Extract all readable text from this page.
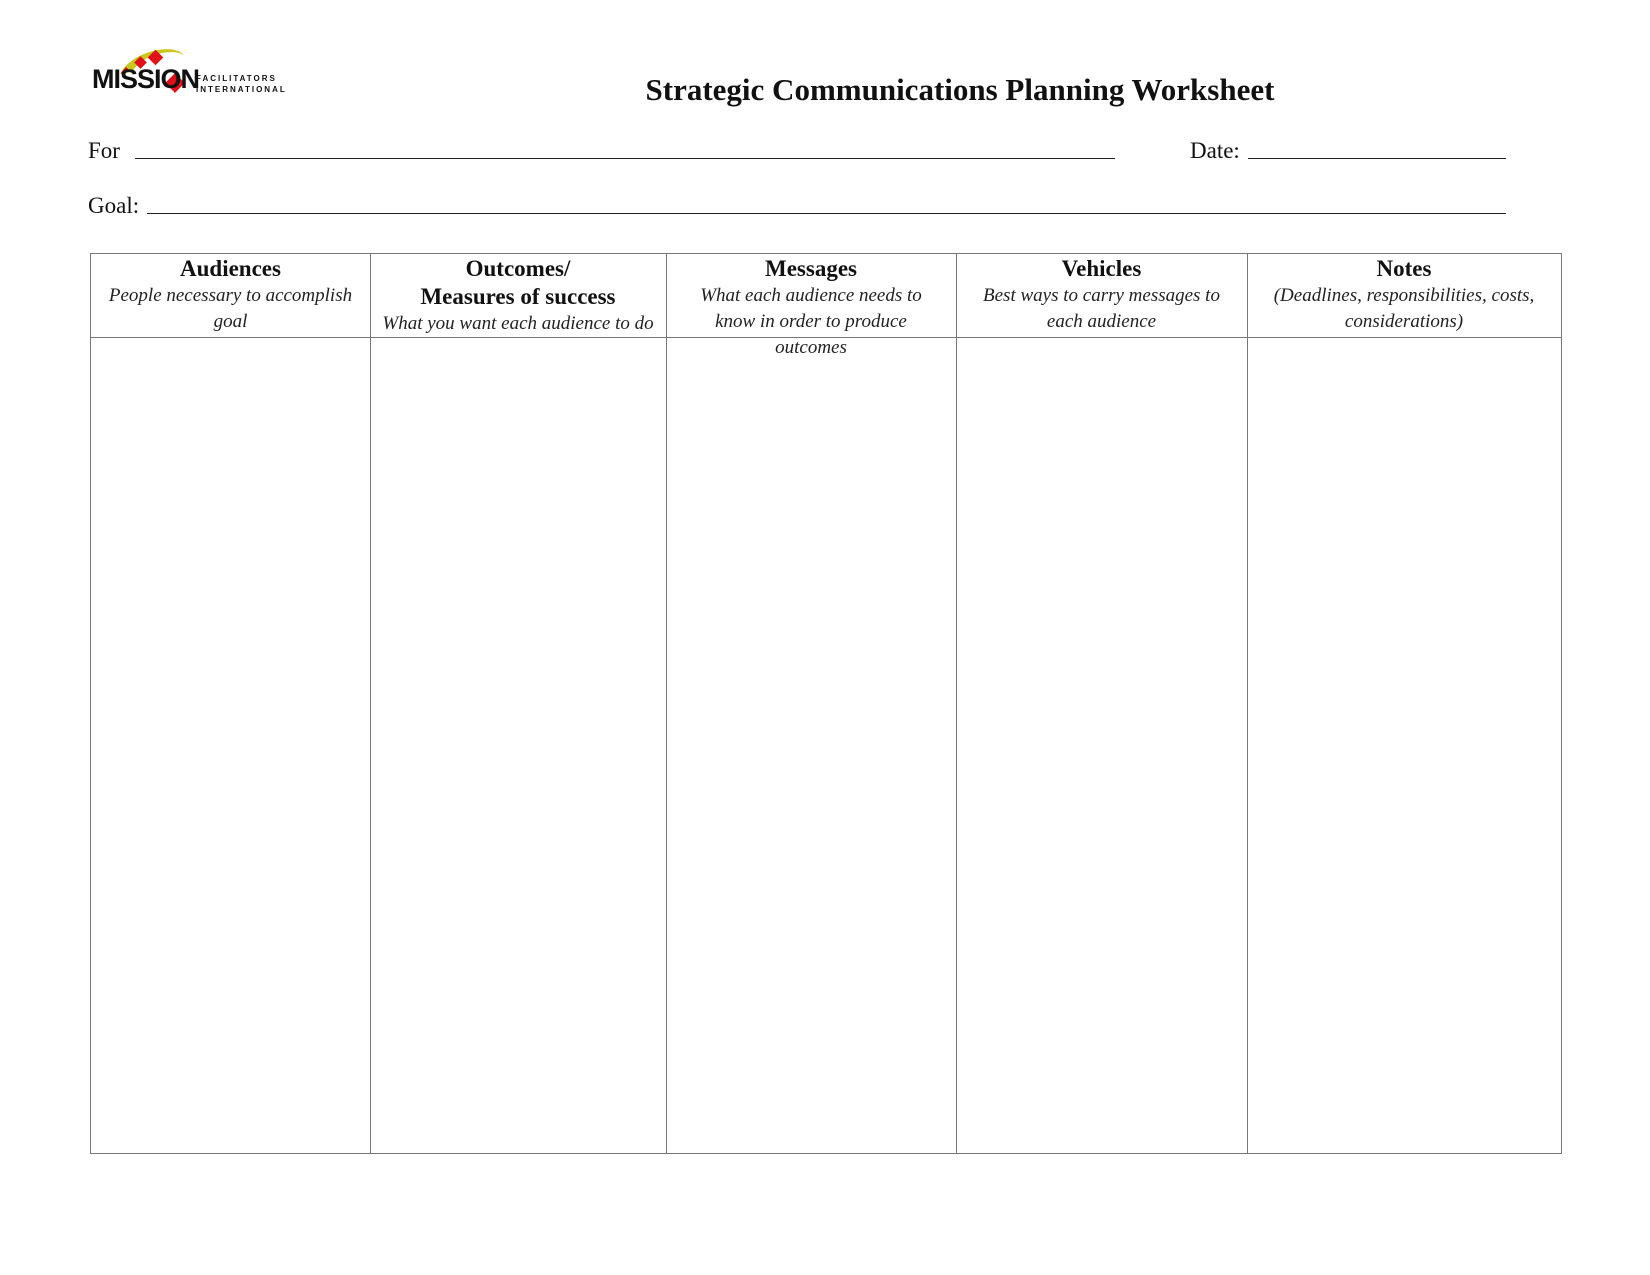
MISSION
FACILITATORS
INTERNATIONAL	Strategic Communications Planning Worksheet
For	Date:
Goal:
Audiences
People necessary to accomplish goal
Outcomes/
Measures of success
What you want each audience to do
Messages
What each audience needs to know in order to produce outcomes
Vehicles
Best ways to carry messages to each audience
Notes
(Deadlines, responsibilities, costs, considerations)
